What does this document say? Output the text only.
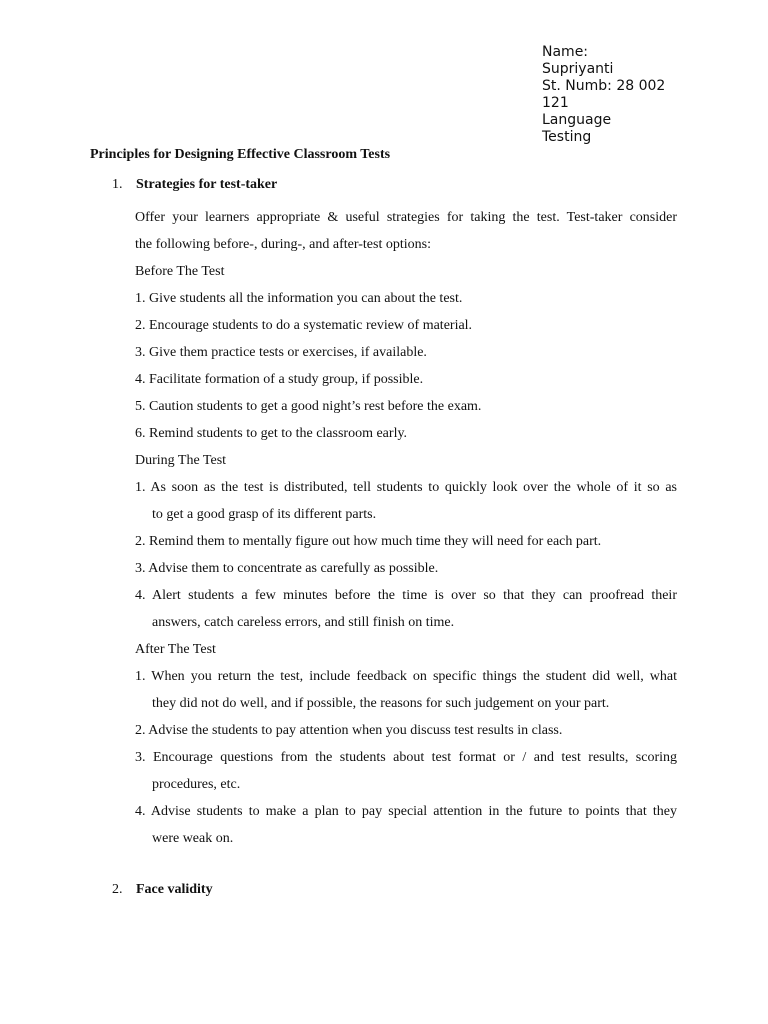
Name:
Supriyanti
St. Numb: 28 002
121
Language
Testing
Principles for Designing Effective Classroom Tests
1. Strategies for test-taker
Offer your learners appropriate & useful strategies for taking the test. Test-taker consider
the following before-, during-, and after-test options:
Before The Test
1. Give students all the information you can about the test.
2. Encourage students to do a systematic review of material.
3. Give them practice tests or exercises, if available.
4. Facilitate formation of a study group, if possible.
5. Caution students to get a good night’s rest before the exam.
6. Remind students to get to the classroom early.
During The Test
1. As soon as the test is distributed, tell students to quickly look over the whole of it so as
to get a good grasp of its different parts.
2. Remind them to mentally figure out how much time they will need for each part.
3. Advise them to concentrate as carefully as possible.
4. Alert students a few minutes before the time is over so that they can proofread their
answers, catch careless errors, and still finish on time.
After The Test
1. When you return the test, include feedback on specific things the student did well, what
they did not do well, and if possible, the reasons for such judgement on your part.
2. Advise the students to pay attention when you discuss test results in class.
3. Encourage questions from the students about test format or / and test results, scoring
procedures, etc.
4. Advise students to make a plan to pay special attention in the future to points that they
were weak on.
2. Face validity
